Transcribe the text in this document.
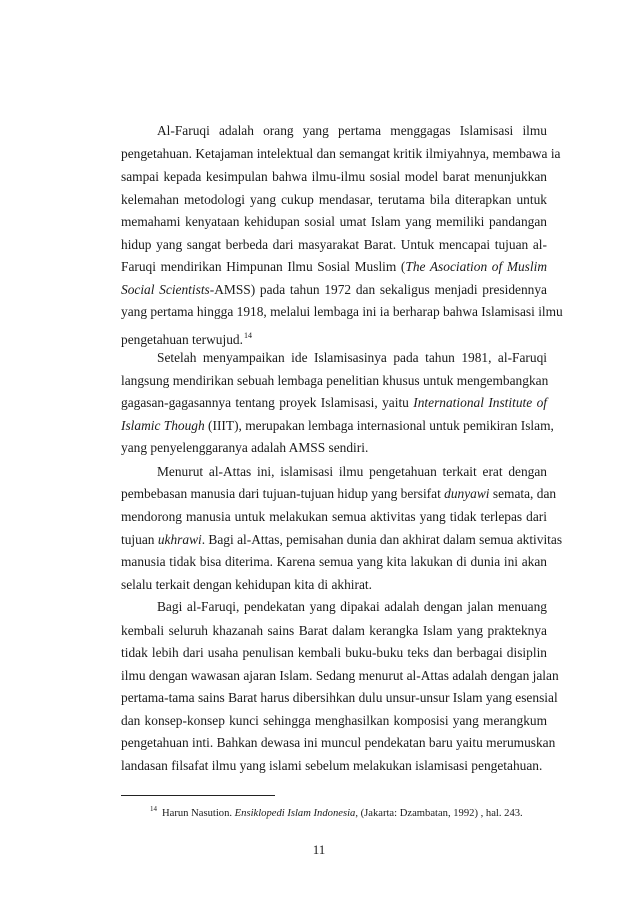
Al-Faruqi adalah orang yang pertama menggagas Islamisasi ilmu
pengetahuan. Ketajaman intelektual dan semangat kritik ilmiyahnya, membawa ia
sampai kepada kesimpulan bahwa ilmu-ilmu sosial model barat menunjukkan
kelemahan metodologi yang cukup mendasar, terutama bila diterapkan untuk
memahami kenyataan kehidupan sosial umat Islam yang memiliki pandangan
hidup yang sangat berbeda dari masyarakat Barat. Untuk mencapai tujuan al-
Faruqi mendirikan Himpunan Ilmu Sosial Muslim (The Asociation of Muslim
Social Scientists-AMSS) pada tahun 1972 dan sekaligus menjadi presidennya
yang pertama hingga 1918, melalui lembaga ini ia berharap bahwa Islamisasi ilmu
pengetahuan terwujud.$^{14}$
Setelah menyampaikan ide Islamisasinya pada tahun 1981, al-Faruqi
langsung mendirikan sebuah lembaga penelitian khusus untuk mengembangkan
gagasan-gagasannya tentang proyek Islamisasi, yaitu International Institute of
Islamic Though (IIIT), merupakan lembaga internasional untuk pemikiran Islam,
yang penyelenggaranya adalah AMSS sendiri.
Menurut al-Attas ini, islamisasi ilmu pengetahuan terkait erat dengan
pembebasan manusia dari tujuan-tujuan hidup yang bersifat dunyawi semata, dan
mendorong manusia untuk melakukan semua aktivitas yang tidak terlepas dari
tujuan ukhrawi. Bagi al-Attas, pemisahan dunia dan akhirat dalam semua aktivitas
manusia tidak bisa diterima. Karena semua yang kita lakukan di dunia ini akan
selalu terkait dengan kehidupan kita di akhirat.
Bagi al-Faruqi, pendekatan yang dipakai adalah dengan jalan menuang
kembali seluruh khazanah sains Barat dalam kerangka Islam yang prakteknya
tidak lebih dari usaha penulisan kembali buku-buku teks dan berbagai disiplin
ilmu dengan wawasan ajaran Islam. Sedang menurut al-Attas adalah dengan jalan
pertama-tama sains Barat harus dibersihkan dulu unsur-unsur Islam yang esensial
dan konsep-konsep kunci sehingga menghasilkan komposisi yang merangkum
pengetahuan inti. Bahkan dewasa ini muncul pendekatan baru yaitu merumuskan
landasan filsafat ilmu yang islami sebelum melakukan islamisasi pengetahuan.
$^{14}$ Harun Nasution. Ensiklopedi Islam Indonesia, (Jakarta: Dzambatan, 1992) , hal. 243.
11
